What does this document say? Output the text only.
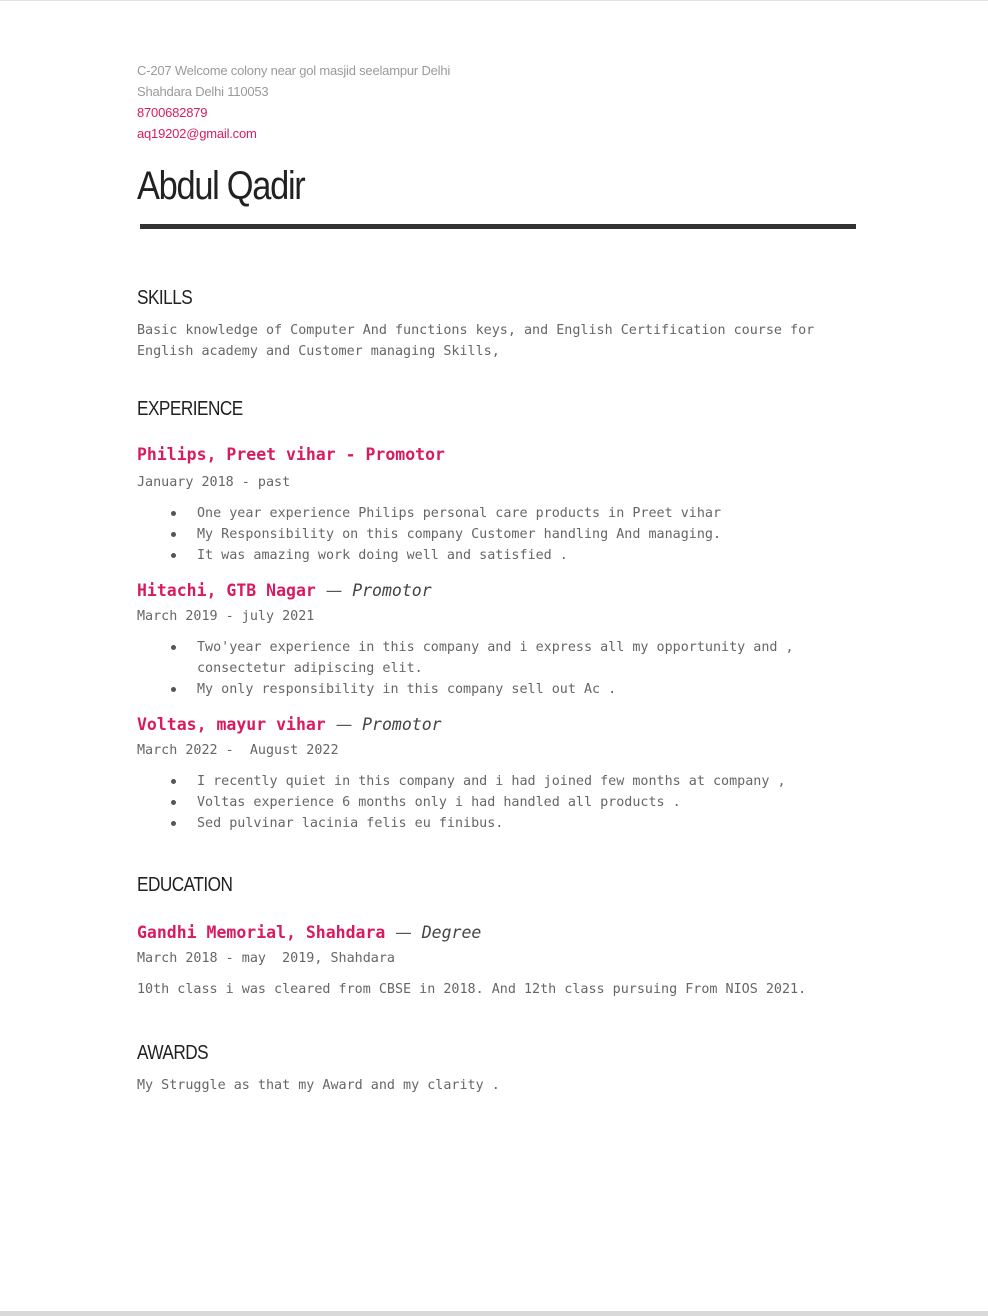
C-207 Welcome colony near gol masjid seelampur Delhi
Shahdara Delhi 110053
8700682879
aq19202@gmail.com
Abdul Qadir
SKILLS
Basic knowledge of Computer And functions keys, and English Certification course for English academy and Customer managing Skills,
EXPERIENCE
Philips, Preet vihar - Promotor
January 2018 - past
One year experience Philips personal care products in Preet vihar
My Responsibility on this company Customer handling And managing.
It was amazing work doing well and satisfied .
Hitachi, GTB Nagar — Promotor
March 2019 - july 2021
Two'year experience in this company and i express all my opportunity and , consectetur adipiscing elit.
My only responsibility in this company sell out Ac .
Voltas, mayur vihar — Promotor
March 2022 -  August 2022
I recently quiet in this company and i had joined few months at company ,
Voltas experience 6 months only i had handled all products .
Sed pulvinar lacinia felis eu finibus.
EDUCATION
Gandhi Memorial, Shahdara — Degree
March 2018 - may  2019, Shahdara
10th class i was cleared from CBSE in 2018. And 12th class pursuing From NIOS 2021.
AWARDS
My Struggle as that my Award and my clarity .
